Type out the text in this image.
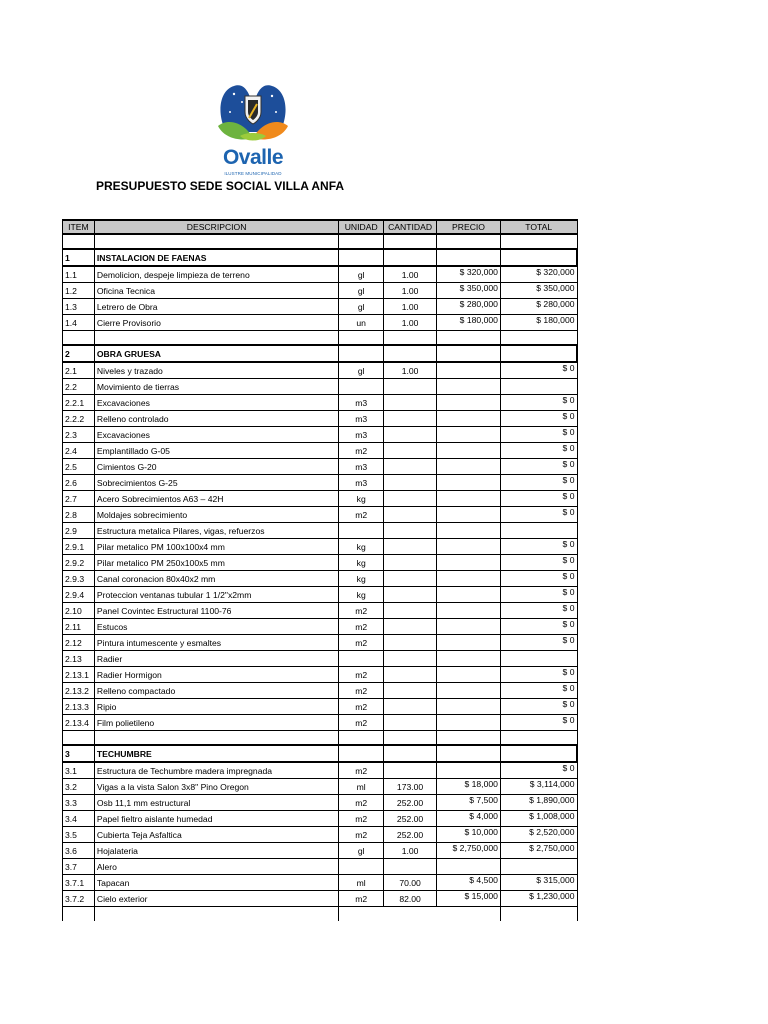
Ovalle
ILUSTRE MUNICIPALIDAD
PRESUPUESTO SEDE SOCIAL VILLA ANFA
ITEM	DESCRIPCION	UNIDAD	CANTIDAD	PRECIO	TOTAL

1	INSTALACION DE FAENAS				
1.1	Demolicion, despeje limpieza de terreno	gl	1.00	$ 320,000	$ 320,000
1.2	Oficina Tecnica	gl	1.00	$ 350,000	$ 350,000
1.3	Letrero de Obra	gl	1.00	$ 280,000	$ 280,000
1.4	Cierre Provisorio	un	1.00	$ 180,000	$ 180,000

2	OBRA GRUESA				
2.1	Niveles y trazado	gl	1.00		$ 0
2.2	Movimiento de tierras				
2.2.1	Excavaciones	m3			$ 0
2.2.2	Relleno controlado	m3			$ 0
2.3	Excavaciones	m3			$ 0
2.4	Emplantillado G-05	m2			$ 0
2.5	Cimientos G-20	m3			$ 0
2.6	Sobrecimientos G-25	m3			$ 0
2.7	Acero Sobrecimientos A63 – 42H	kg			$ 0
2.8	Moldajes sobrecimiento	m2			$ 0
2.9	Estructura metalica Pilares, vigas, refuerzos				
2.9.1	Pilar metalico PM 100x100x4 mm	kg			$ 0
2.9.2	Pilar metalico PM 250x100x5 mm	kg			$ 0
2.9.3	Canal coronacion 80x40x2 mm	kg			$ 0
2.9.4	Proteccion ventanas tubular 1 1/2"x2mm	kg			$ 0
2.10	Panel Covintec Estructural 1100-76	m2			$ 0
2.11	Estucos	m2			$ 0
2.12	Pintura intumescente y esmaltes	m2			$ 0
2.13	Radier				
2.13.1	Radier Hormigon	m2			$ 0
2.13.2	Relleno compactado	m2			$ 0
2.13.3	Ripio	m2			$ 0
2.13.4	Film polietileno	m2			$ 0

3	TECHUMBRE				
3.1	Estructura de Techumbre madera impregnada	m2			$ 0
3.2	Vigas a la vista Salon 3x8" Pino Oregon	ml	173.00	$ 18,000	$ 3,114,000
3.3	Osb 11,1 mm estructural	m2	252.00	$ 7,500	$ 1,890,000
3.4	Papel fieltro aislante humedad	m2	252.00	$ 4,000	$ 1,008,000
3.5	Cubierta Teja Asfaltica	m2	252.00	$ 10,000	$ 2,520,000
3.6	Hojalateria	gl	1.00	$ 2,750,000	$ 2,750,000
3.7	Alero				
3.7.1	Tapacan	ml	70.00	$ 4,500	$ 315,000
3.7.2	Cielo exterior	m2	82.00	$ 15,000	$ 1,230,000
